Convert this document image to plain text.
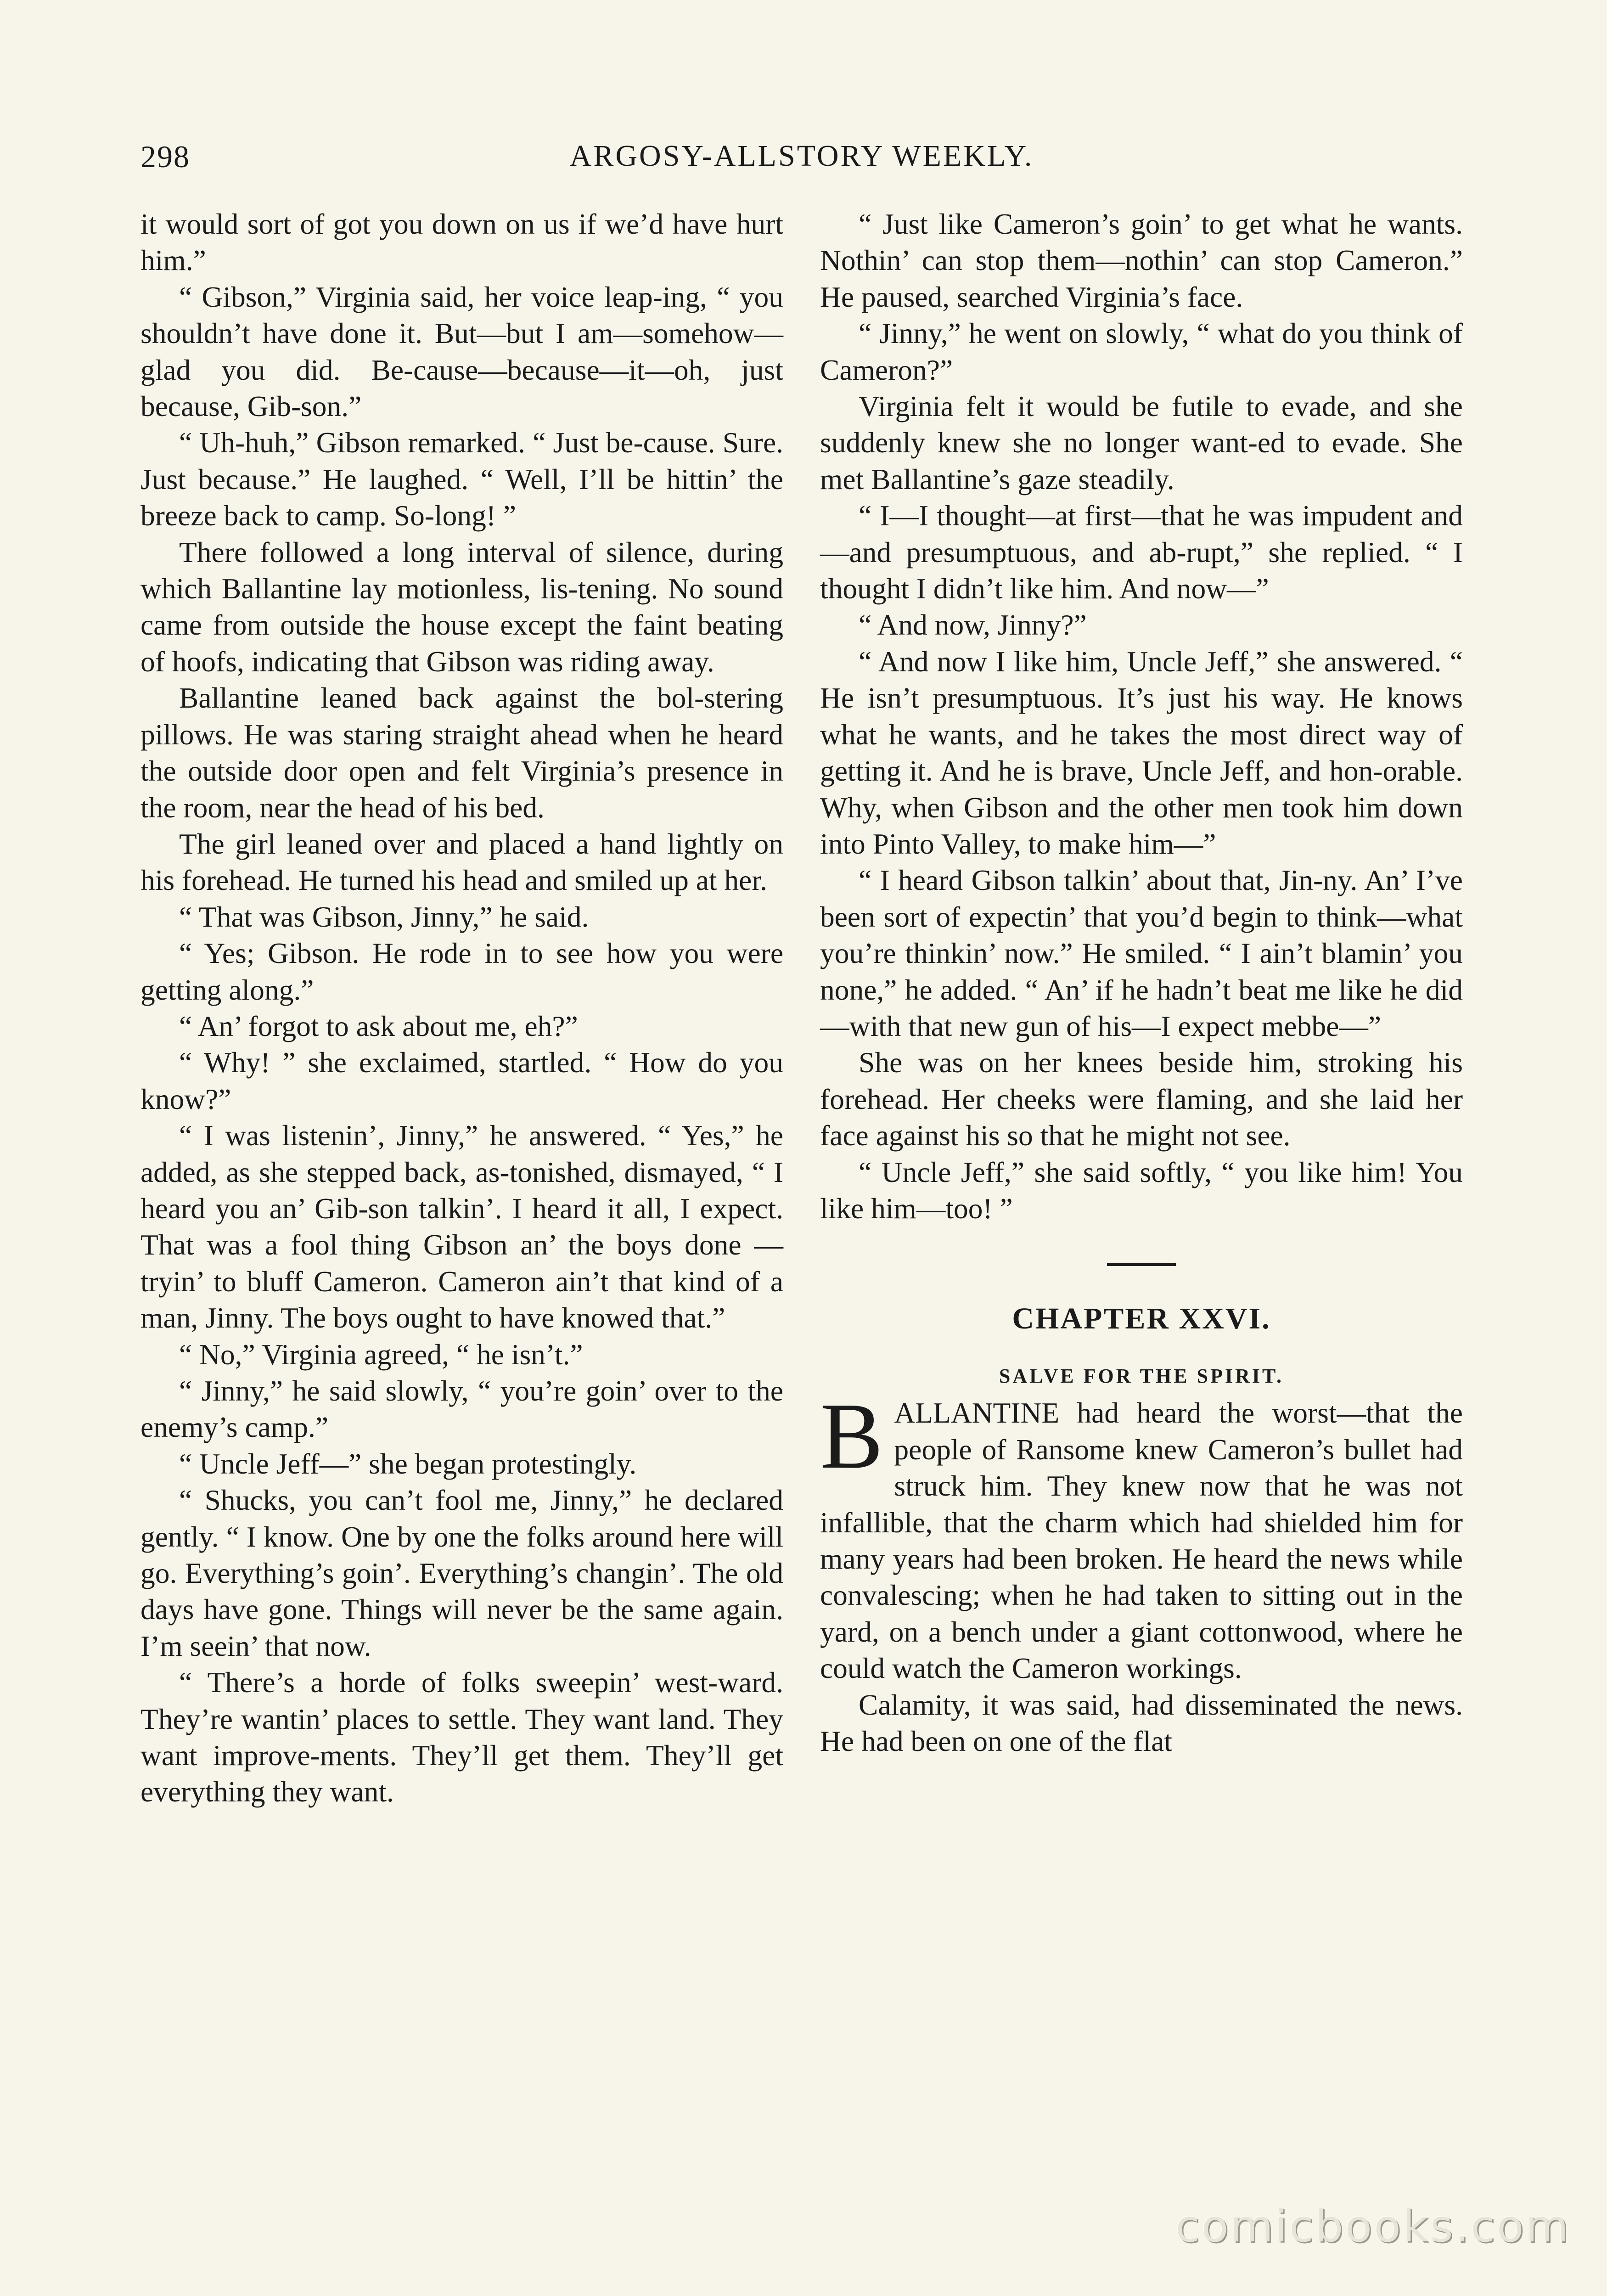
298	ARGOSY-ALLSTORY WEEKLY.

it would sort of got you down on us if we’d have hurt him.”

“ Gibson,” Virginia said, her voice leap-ing, “ you shouldn’t have done it. But—but I am—somehow—glad you did. Be-cause—because—it—oh, just because, Gib-son.”

“ Uh-huh,” Gibson remarked. “ Just be-cause. Sure. Just because.” He laughed. “ Well, I’ll be hittin’ the breeze back to camp. So-long! ”

There followed a long interval of silence, during which Ballantine lay motionless, lis-tening. No sound came from outside the house except the faint beating of hoofs, indicating that Gibson was riding away.

Ballantine leaned back against the bol-stering pillows. He was staring straight ahead when he heard the outside door open and felt Virginia’s presence in the room, near the head of his bed.

The girl leaned over and placed a hand lightly on his forehead. He turned his head and smiled up at her.

“ That was Gibson, Jinny,” he said.

“ Yes; Gibson. He rode in to see how you were getting along.”

“ An’ forgot to ask about me, eh?”

“ Why! ” she exclaimed, startled. “ How do you know?”

“ I was listenin’, Jinny,” he answered. “ Yes,” he added, as she stepped back, as-tonished, dismayed, “ I heard you an’ Gib-son talkin’. I heard it all, I expect. That was a fool thing Gibson an’ the boys done —tryin’ to bluff Cameron. Cameron ain’t that kind of a man, Jinny. The boys ought to have knowed that.”

“ No,” Virginia agreed, “ he isn’t.”

“ Jinny,” he said slowly, “ you’re goin’ over to the enemy’s camp.”

“ Uncle Jeff—” she began protestingly.

“ Shucks, you can’t fool me, Jinny,” he declared gently. “ I know. One by one the folks around here will go. Everything’s goin’. Everything’s changin’. The old days have gone. Things will never be the same again. I’m seein’ that now.

“ There’s a horde of folks sweepin’ west-ward. They’re wantin’ places to settle. They want land. They want improve-ments. They’ll get them. They’ll get everything they want.

“ Just like Cameron’s goin’ to get what he wants. Nothin’ can stop them—nothin’ can stop Cameron.” He paused, searched Virginia’s face.

“ Jinny,” he went on slowly, “ what do you think of Cameron?”

Virginia felt it would be futile to evade, and she suddenly knew she no longer want-ed to evade. She met Ballantine’s gaze steadily.

“ I—I thought—at first—that he was impudent and—and presumptuous, and ab-rupt,” she replied. “ I thought I didn’t like him. And now—”

“ And now, Jinny?”

“ And now I like him, Uncle Jeff,” she answered. “ He isn’t presumptuous. It’s just his way. He knows what he wants, and he takes the most direct way of getting it. And he is brave, Uncle Jeff, and hon-orable. Why, when Gibson and the other men took him down into Pinto Valley, to make him—”

“ I heard Gibson talkin’ about that, Jin-ny. An’ I’ve been sort of expectin’ that you’d begin to think—what you’re thinkin’ now.” He smiled. “ I ain’t blamin’ you none,” he added. “ An’ if he hadn’t beat me like he did—with that new gun of his—I expect mebbe—”

She was on her knees beside him, stroking his forehead. Her cheeks were flaming, and she laid her face against his so that he might not see.

“ Uncle Jeff,” she said softly, “ you like him! You like him—too! ”

CHAPTER XXVI.
SALVE FOR THE SPIRIT.

BALLANTINE had heard the worst—that the people of Ransome knew Cameron’s bullet had struck him. They knew now that he was not infallible, that the charm which had shielded him for many years had been broken. He heard the news while convalescing; when he had taken to sitting out in the yard, on a bench under a giant cottonwood, where he could watch the Cameron workings.

Calamity, it was said, had disseminated the news. He had been on one of the flat

comicbooks.com
